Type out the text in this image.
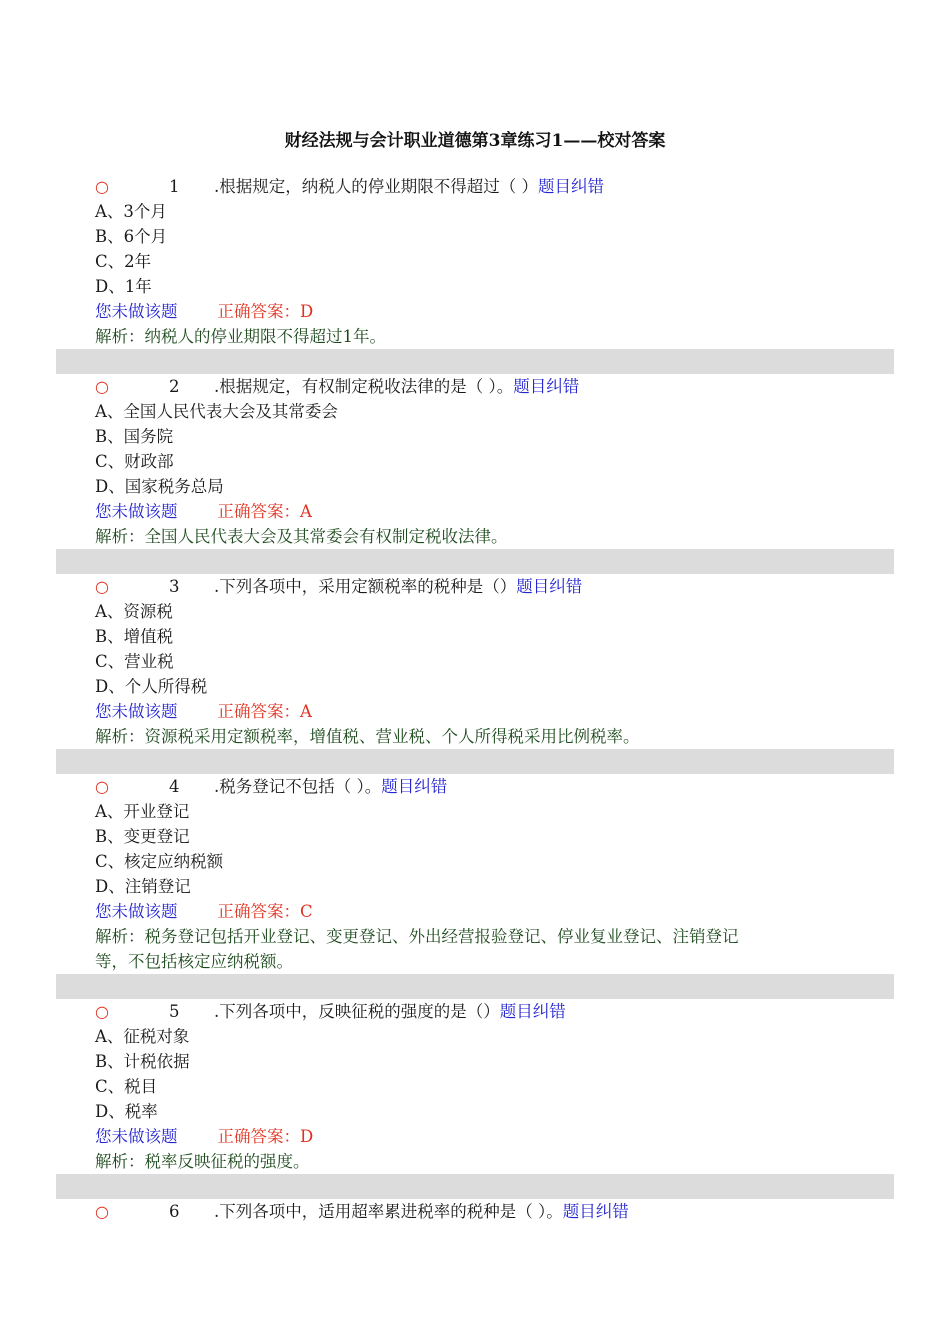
财经法规与会计职业道德第3章练习1——校对答案
○	1 .根据规定，纳税人的停业期限不得超过（ ）题目纠错
A、3个月
B、6个月
C、2年
D、1年
您未做该题 正确答案：D
解析：纳税人的停业期限不得超过1年。
○	2 .根据规定，有权制定税收法律的是（ ）。题目纠错
A、全国人民代表大会及其常委会
B、国务院
C、财政部
D、国家税务总局
您未做该题 正确答案：A
解析：全国人民代表大会及其常委会有权制定税收法律。
○	3 .下列各项中，采用定额税率的税种是（）题目纠错
A、资源税
B、增值税
C、营业税
D、个人所得税
您未做该题 正确答案：A
解析：资源税采用定额税率，增值税、营业税、个人所得税采用比例税率。
○	4 .税务登记不包括（ ）。题目纠错
A、开业登记
B、变更登记
C、核定应纳税额
D、注销登记
您未做该题 正确答案：C
解析：税务登记包括开业登记、变更登记、外出经营报验登记、停业复业登记、注销登记
等，不包括核定应纳税额。
○	5 .下列各项中，反映征税的强度的是（）题目纠错
A、征税对象
B、计税依据
C、税目
D、税率
您未做该题 正确答案：D
解析：税率反映征税的强度。
○	6 .下列各项中，适用超率累进税率的税种是（ ）。题目纠错
